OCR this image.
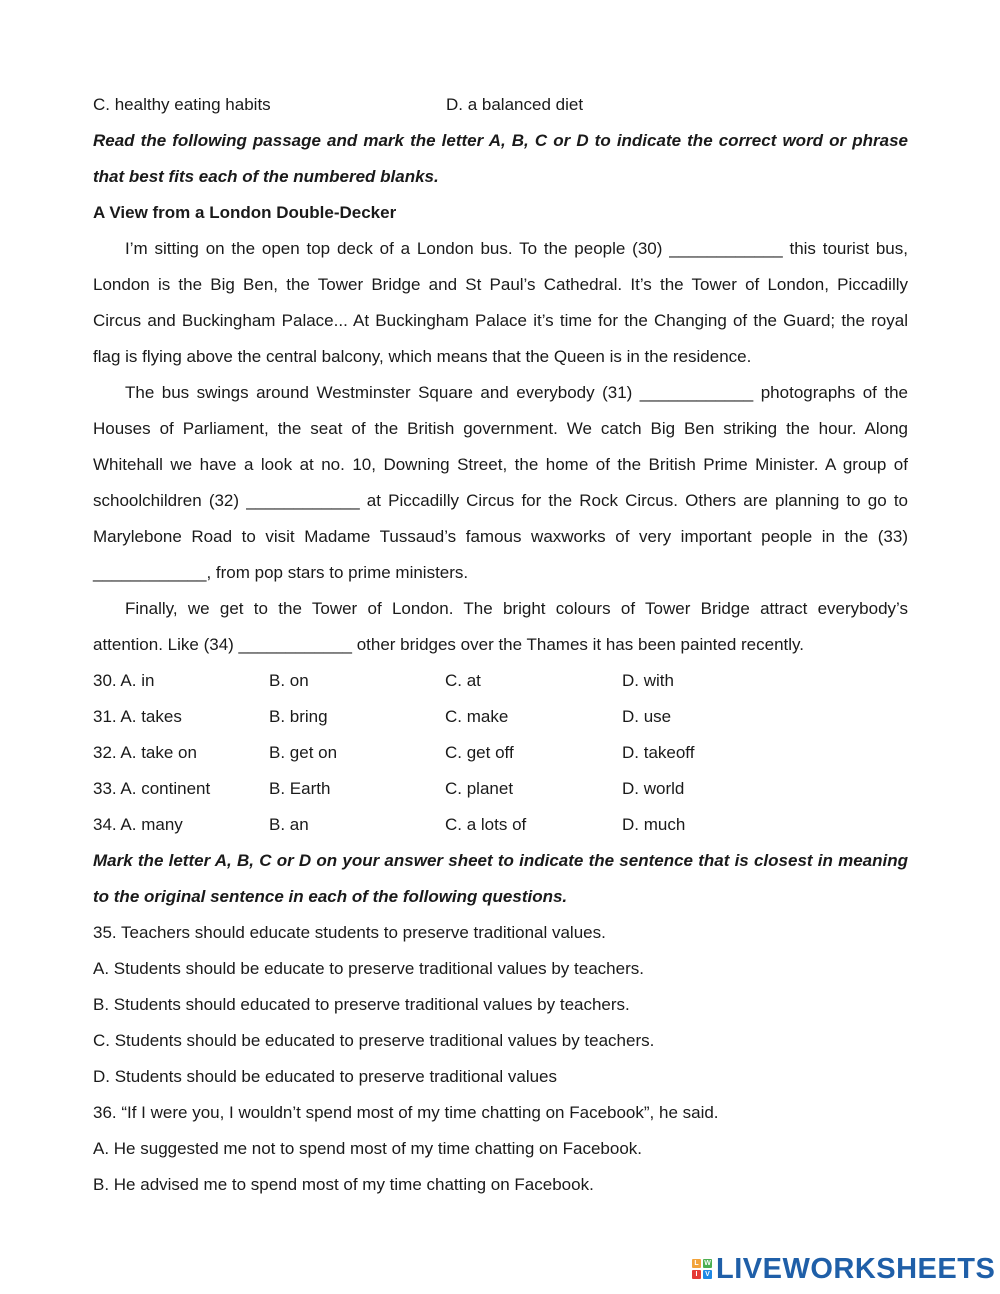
C. healthy eating habits	D. a balanced diet
Read the following passage and mark the letter A, B, C or D to indicate the correct word or phrase
that best fits each of the numbered blanks.
A View from a London Double-Decker
I’m sitting on the open top deck of a London bus. To the people (30) ____________ this tourist bus,
London is the Big Ben, the Tower Bridge and St Paul’s Cathedral. It’s the Tower of London, Piccadilly
Circus and Buckingham Palace... At Buckingham Palace it’s time for the Changing of the Guard; the royal
flag is flying above the central balcony, which means that the Queen is in the residence.
The bus swings around Westminster Square and everybody (31) ____________ photographs of the
Houses of Parliament, the seat of the British government. We catch Big Ben striking the hour. Along
Whitehall we have a look at no. 10, Downing Street, the home of the British Prime Minister. A group of
schoolchildren (32) ____________ at Piccadilly Circus for the Rock Circus. Others are planning to go to
Marylebone Road to visit Madame Tussaud’s famous waxworks of very important people in the (33)
____________, from pop stars to prime ministers.
Finally, we get to the Tower of London. The bright colours of Tower Bridge attract everybody’s
attention. Like (34) ____________ other bridges over the Thames it has been painted recently.
30. A. in	B. on	C. at	D. with
31. A. takes	B. bring	C. make	D. use
32. A. take on	B. get on	C. get off	D. takeoff
33. A. continent	B. Earth	C. planet	D. world
34. A. many	B. an	C. a lots of	D. much
Mark the letter A, B, C or D on your answer sheet to indicate the sentence that is closest in meaning
to the original sentence in each of the following questions.
35. Teachers should educate students to preserve traditional values.
A. Students should be educate to preserve traditional values by teachers.
B. Students should educated to preserve traditional values by teachers.
C. Students should be educated to preserve traditional values by teachers.
D. Students should be educated to preserve traditional values
36. “If I were you, I wouldn’t spend most of my time chatting on Facebook”, he said.
A. He suggested me not to spend most of my time chatting on Facebook.
B. He advised me to spend most of my time chatting on Facebook.
L W
I	V LIVEWORKSHEETS
